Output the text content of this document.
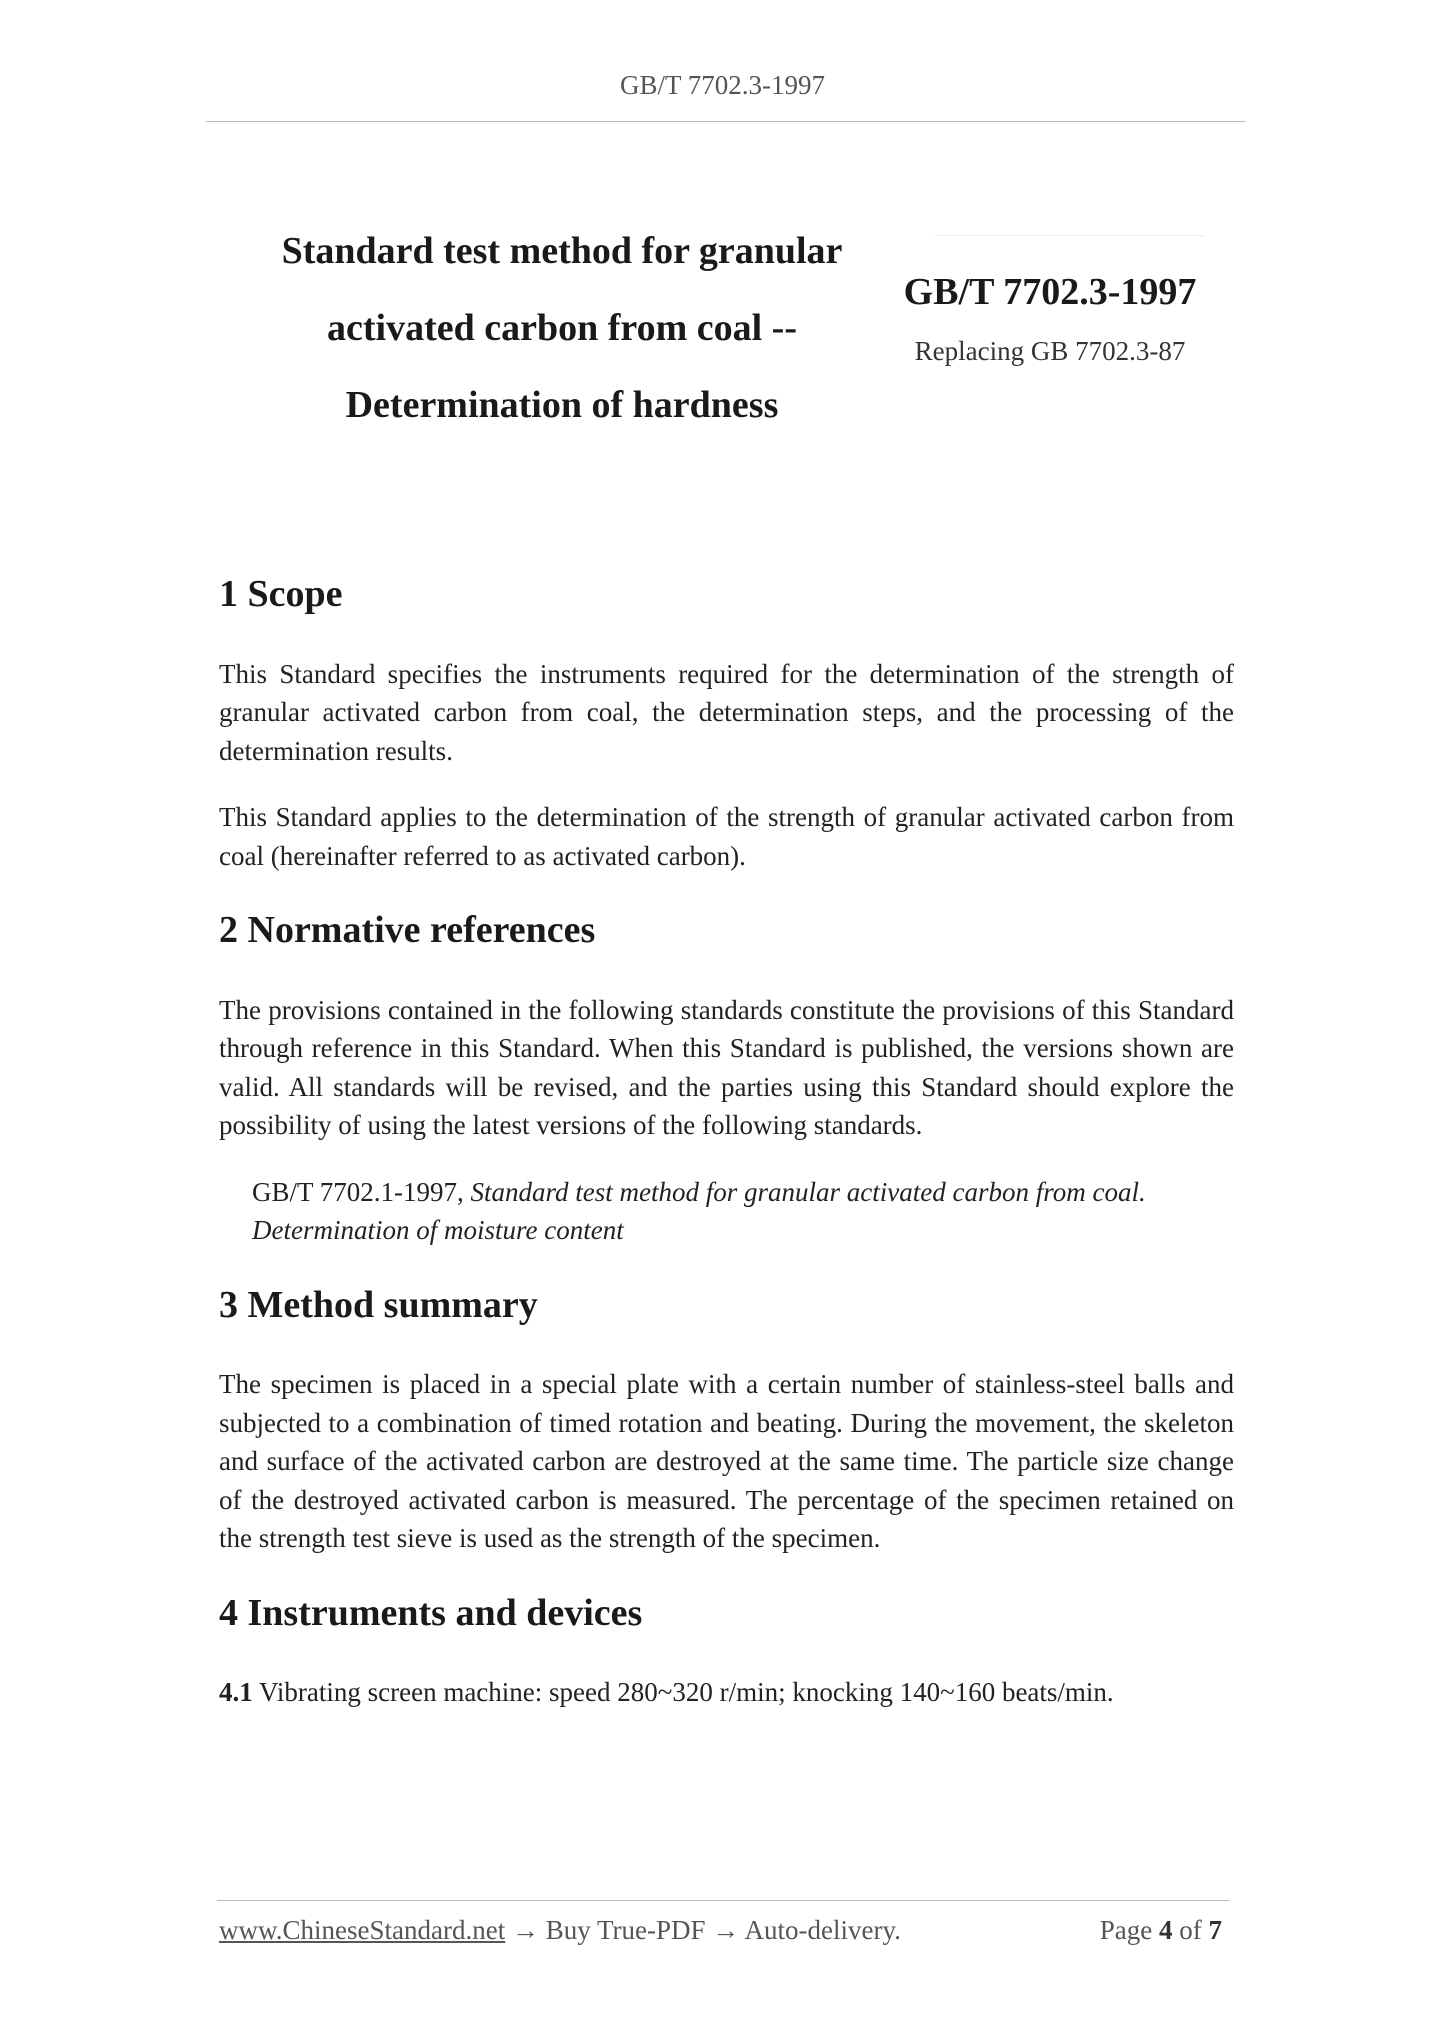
GB/T 7702.3-1997
Standard test method for granular
activated carbon from coal --
Determination of hardness
GB/T 7702.3-1997
Replacing GB 7702.3-87
1 Scope

This Standard specifies the instruments required for the determination of the strength of granular activated carbon from coal, the determination steps, and the processing of the determination results.

This Standard applies to the determination of the strength of granular activated carbon from coal (hereinafter referred to as activated carbon).

2 Normative references

The provisions contained in the following standards constitute the provisions of this Standard through reference in this Standard. When this Standard is published, the versions shown are valid. All standards will be revised, and the parties using this Standard should explore the possibility of using the latest versions of the following standards.

GB/T 7702.1-1997, Standard test method for granular activated carbon from coal. Determination of moisture content
3 Method summary

The specimen is placed in a special plate with a certain number of stainless-steel balls and subjected to a combination of timed rotation and beating. During the movement, the skeleton and surface of the activated carbon are destroyed at the same time. The particle size change of the destroyed activated carbon is measured. The percentage of the specimen retained on the strength test sieve is used as the strength of the specimen.

4 Instruments and devices

4.1 Vibrating screen machine: speed 280~320 r/min; knocking 140~160 beats/min.

www.ChineseStandard.net → Buy True-PDF → Auto-delivery.	Page 4 of 7
